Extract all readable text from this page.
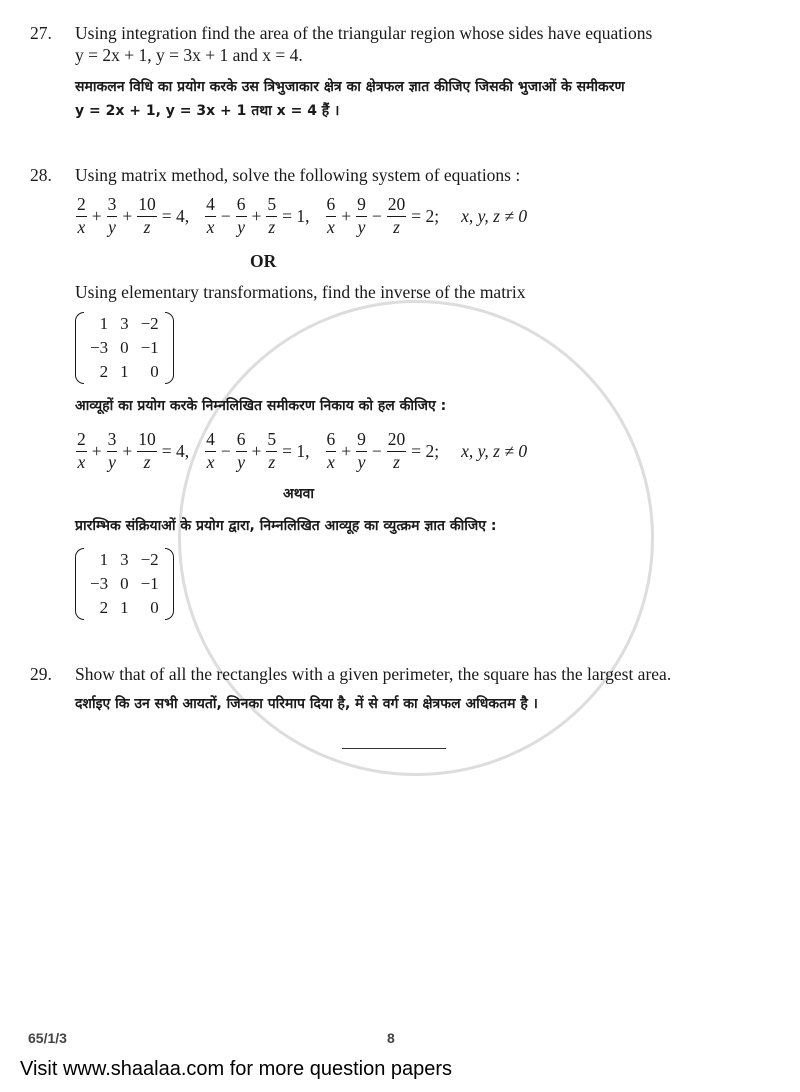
27. Using integration find the area of the triangular region whose sides have equations
y = 2x + 1, y = 3x + 1 and x = 4.
समाकलन विधि का प्रयोग करके उस त्रिभुजाकार क्षेत्र का क्षेत्रफल ज्ञात कीजिए जिसकी भुजाओं के समीकरण
y = 2x + 1, y = 3x + 1 तथा x = 4 हैं ।
28. Using matrix method, solve the following system of equations :
$\frac{2}{x} + \frac{3}{y} + \frac{10}{z} = 4$, $\frac{4}{x} - \frac{6}{y} + \frac{5}{z} = 1$, $\frac{6}{x} + \frac{9}{y} - \frac{20}{z} = 2$; x, y, z ≠ 0
OR
Using elementary transformations, find the inverse of the matrix
1	3	−2
−3	0	−1
2	1	0
आव्यूहों का प्रयोग करके निम्नलिखित समीकरण निकाय को हल कीजिए :
$\frac{2}{x} + \frac{3}{y} + \frac{10}{z} = 4$, $\frac{4}{x} - \frac{6}{y} + \frac{5}{z} = 1$, $\frac{6}{x} + \frac{9}{y} - \frac{20}{z} = 2$; x, y, z ≠ 0
अथवा
प्रारम्भिक संक्रियाओं के प्रयोग द्वारा, निम्नलिखित आव्यूह का व्युत्क्रम ज्ञात कीजिए :
1	3	−2
−3	0	−1
2	1	0
29. Show that of all the rectangles with a given perimeter, the square has the largest area.
दर्शाइए कि उन सभी आयतों, जिनका परिमाप दिया है, में से वर्ग का क्षेत्रफल अधिकतम है ।
65/1/3	8
Visit www.shaalaa.com for more question papers
